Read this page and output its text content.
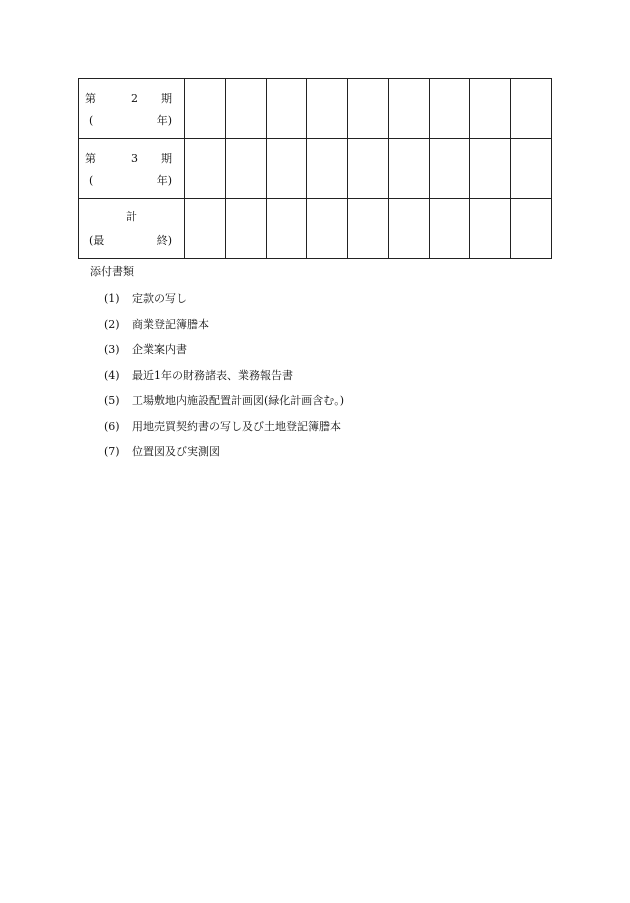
第 2 期
( 年)									

第 3 期
( 年)									

計
(最 終)									

添付書類
(1)	定款の写し
(2)	商業登記簿謄本
(3)	企業案内書
(4)	最近1年の財務諸表、業務報告書
(5)	工場敷地内施設配置計画図(緑化計画含む。)
(6)	用地売買契約書の写し及び土地登記簿謄本
(7)	位置図及び実測図
